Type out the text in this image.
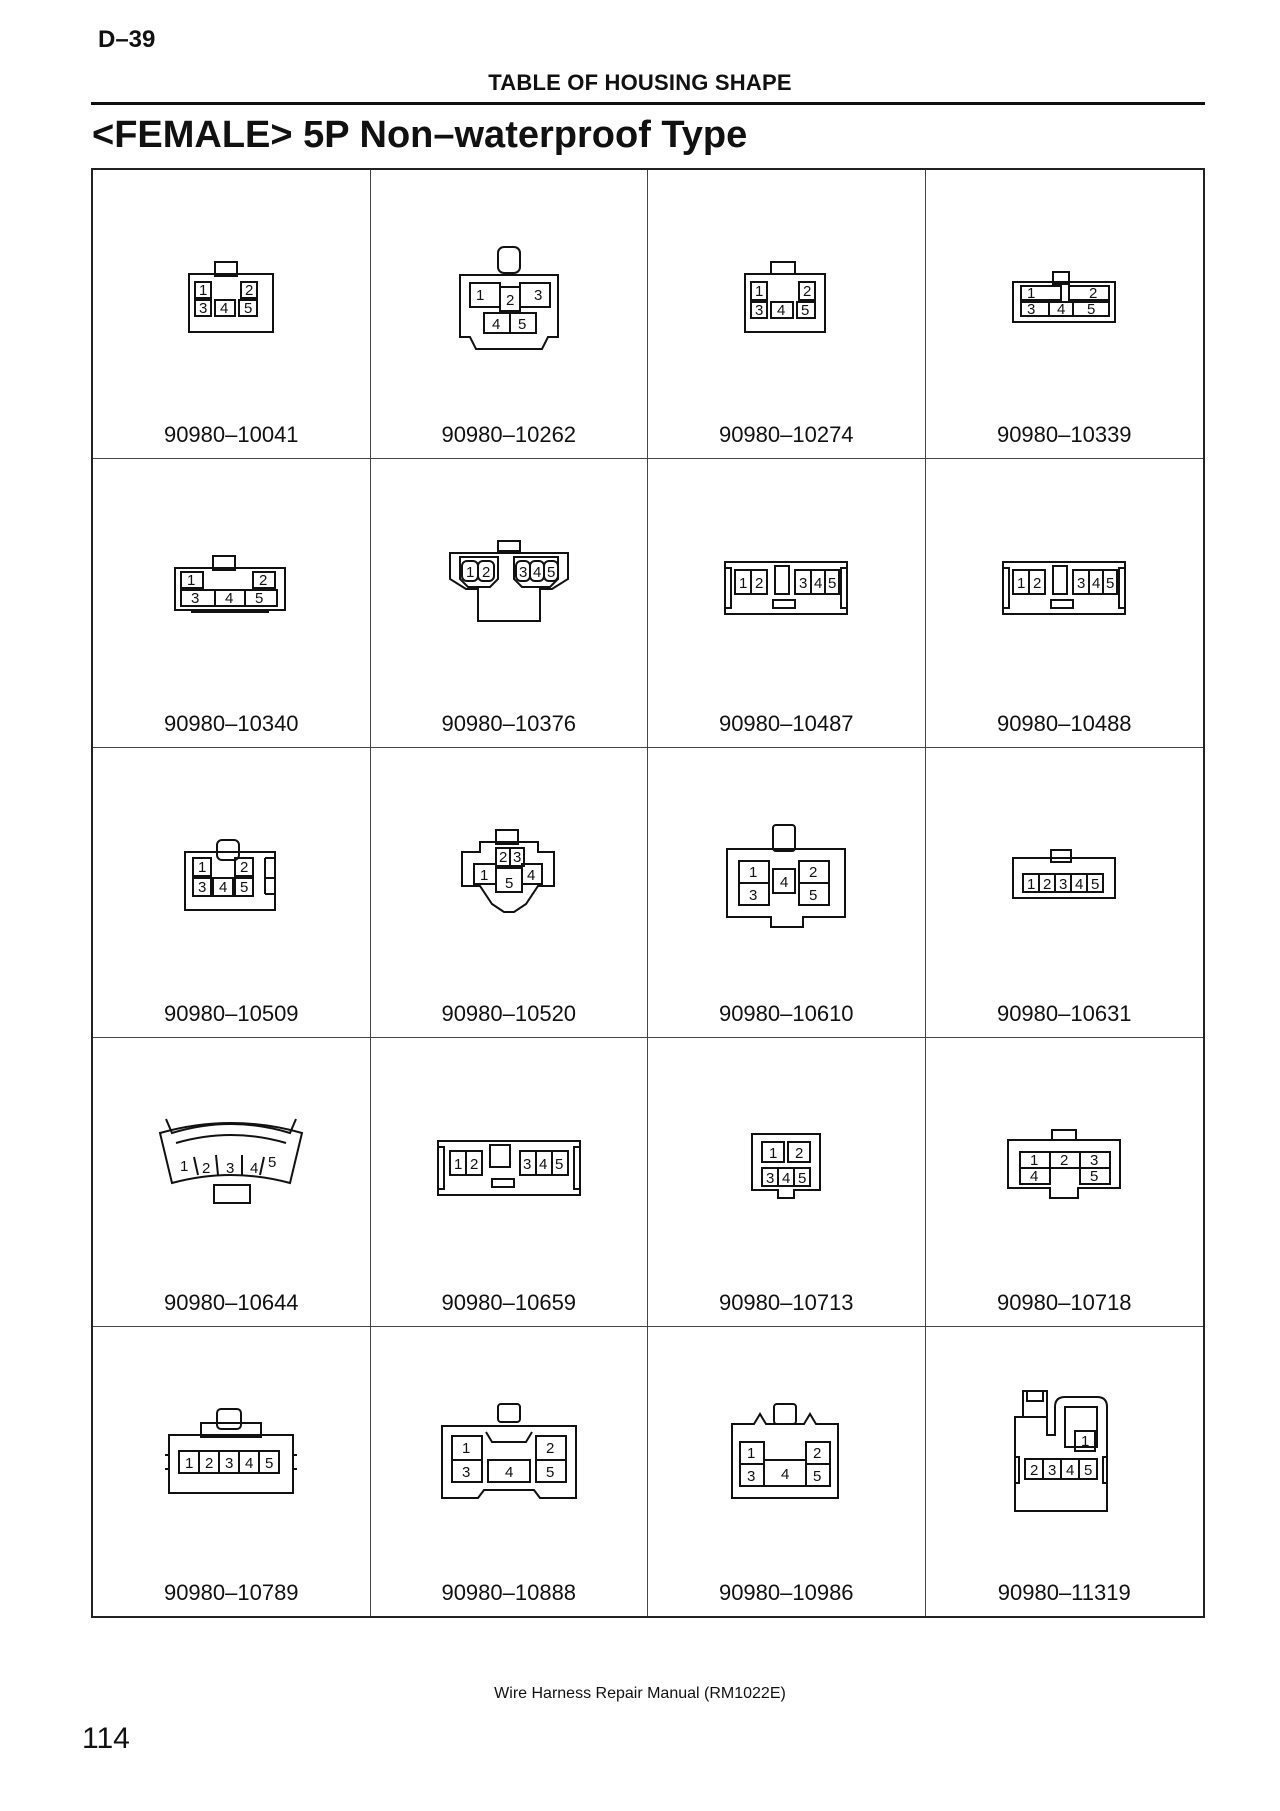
D–39
TABLE OF HOUSING SHAPE
<FEMALE> 5P Non–waterproof Type
1	2
3 4 5
90980–10041
1 2 3
4 5
90980–10262
1	2
3 4 5
90980–10274
1	2
3 4 5
90980–10339
1	2
3 4 5
90980–10340
1 2 3 4 5
90980–10376
1 2 3 4 5
90980–10487
1 2 3 4 5
90980–10488
1 2
3 4 5
90980–10509
2 3
1 5 4
90980–10520
1
4
2
3	5
90980–10610
1 2 3 4 5
90980–10631
1 2 3 4 5
90980–10644
1 2	3 4 5
90980–10659
1 2
3 4 5
90980–10713
1 2 3
4	5
90980–10718
1 2 3 4 5
90980–10789
1	2
3 4 5
90980–10888
1	2
3 4 5
90980–10986
1
2 3 4 5
90980–11319
Wire Harness Repair Manual (RM1022E)
114
